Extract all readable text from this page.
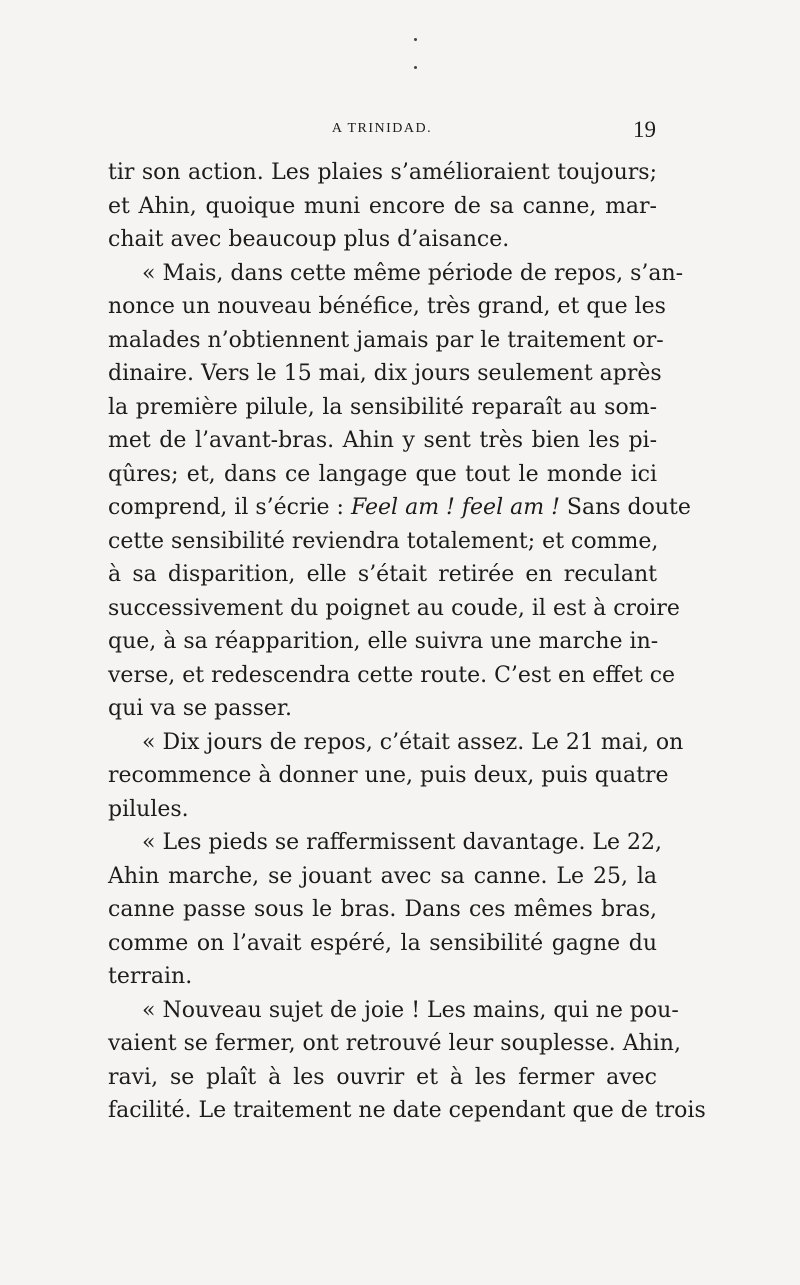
A TRINIDAD.	19
tir son action. Les plaies s’amélioraient toujours;
et Ahin, quoique muni encore de sa canne, mar-
chait avec beaucoup plus d’aisance.
« Mais, dans cette même période de repos, s’an-
nonce un nouveau bénéfice, très grand, et que les
malades n’obtiennent jamais par le traitement or-
dinaire. Vers le 15 mai, dix jours seulement après
la première pilule, la sensibilité reparaît au som-
met de l’avant-bras. Ahin y sent très bien les pi-
qûres; et, dans ce langage que tout le monde ici
comprend, il s’écrie : Feel am ! feel am ! Sans doute
cette sensibilité reviendra totalement; et comme,
à sa disparition, elle s’était retirée en reculant
successivement du poignet au coude, il est à croire
que, à sa réapparition, elle suivra une marche in-
verse, et redescendra cette route. C’est en effet ce
qui va se passer.
« Dix jours de repos, c’était assez. Le 21 mai, on
recommence à donner une, puis deux, puis quatre
pilules.
« Les pieds se raffermissent davantage. Le 22,
Ahin marche, se jouant avec sa canne. Le 25, la
canne passe sous le bras. Dans ces mêmes bras,
comme on l’avait espéré, la sensibilité gagne du
terrain.
« Nouveau sujet de joie ! Les mains, qui ne pou-
vaient se fermer, ont retrouvé leur souplesse. Ahin,
ravi, se plaît à les ouvrir et à les fermer avec
facilité. Le traitement ne date cependant que de trois
